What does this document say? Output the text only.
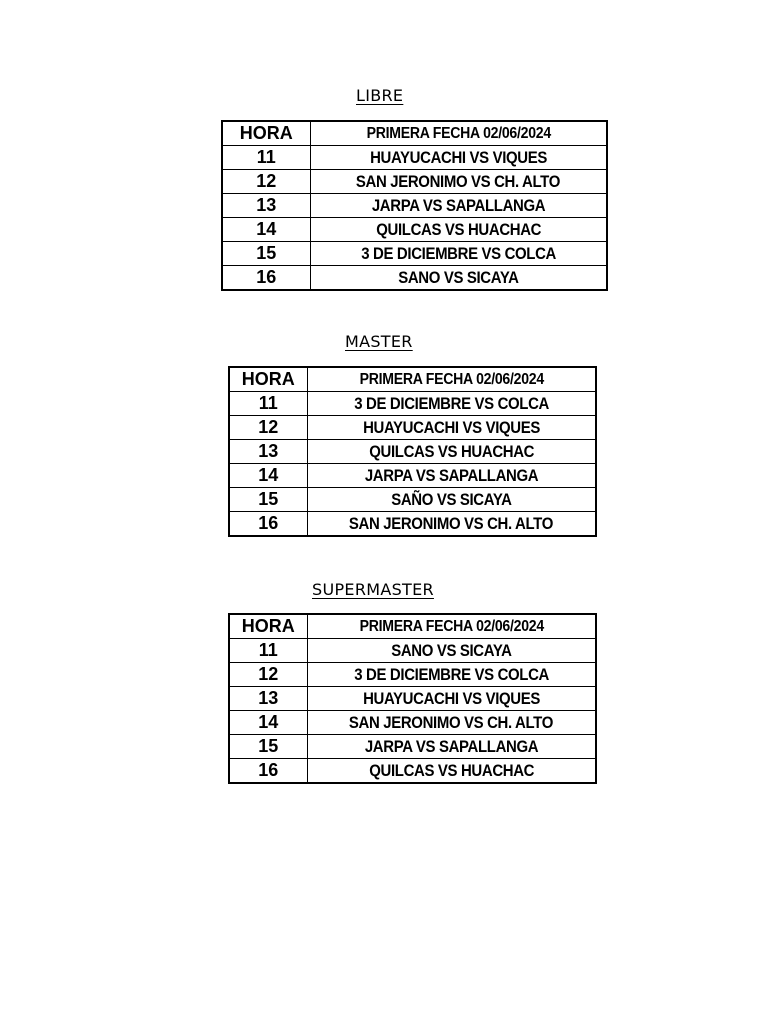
LIBRE
HORA	PRIMERA FECHA 02/06/2024
11	HUAYUCACHI VS VIQUES
12	SAN JERONIMO VS CH. ALTO
13	JARPA VS SAPALLANGA
14	QUILCAS VS HUACHAC
15	3 DE DICIEMBRE VS COLCA
16	SANO VS SICAYA
MASTER
HORA	PRIMERA FECHA 02/06/2024
11	3 DE DICIEMBRE VS COLCA
12	HUAYUCACHI VS VIQUES
13	QUILCAS VS HUACHAC
14	JARPA VS SAPALLANGA
15	SAÑO VS SICAYA
16	SAN JERONIMO VS CH. ALTO
SUPERMASTER
HORA	PRIMERA FECHA 02/06/2024
11	SANO VS SICAYA
12	3 DE DICIEMBRE VS COLCA
13	HUAYUCACHI VS VIQUES
14	SAN JERONIMO VS CH. ALTO
15	JARPA VS SAPALLANGA
16	QUILCAS VS HUACHAC
